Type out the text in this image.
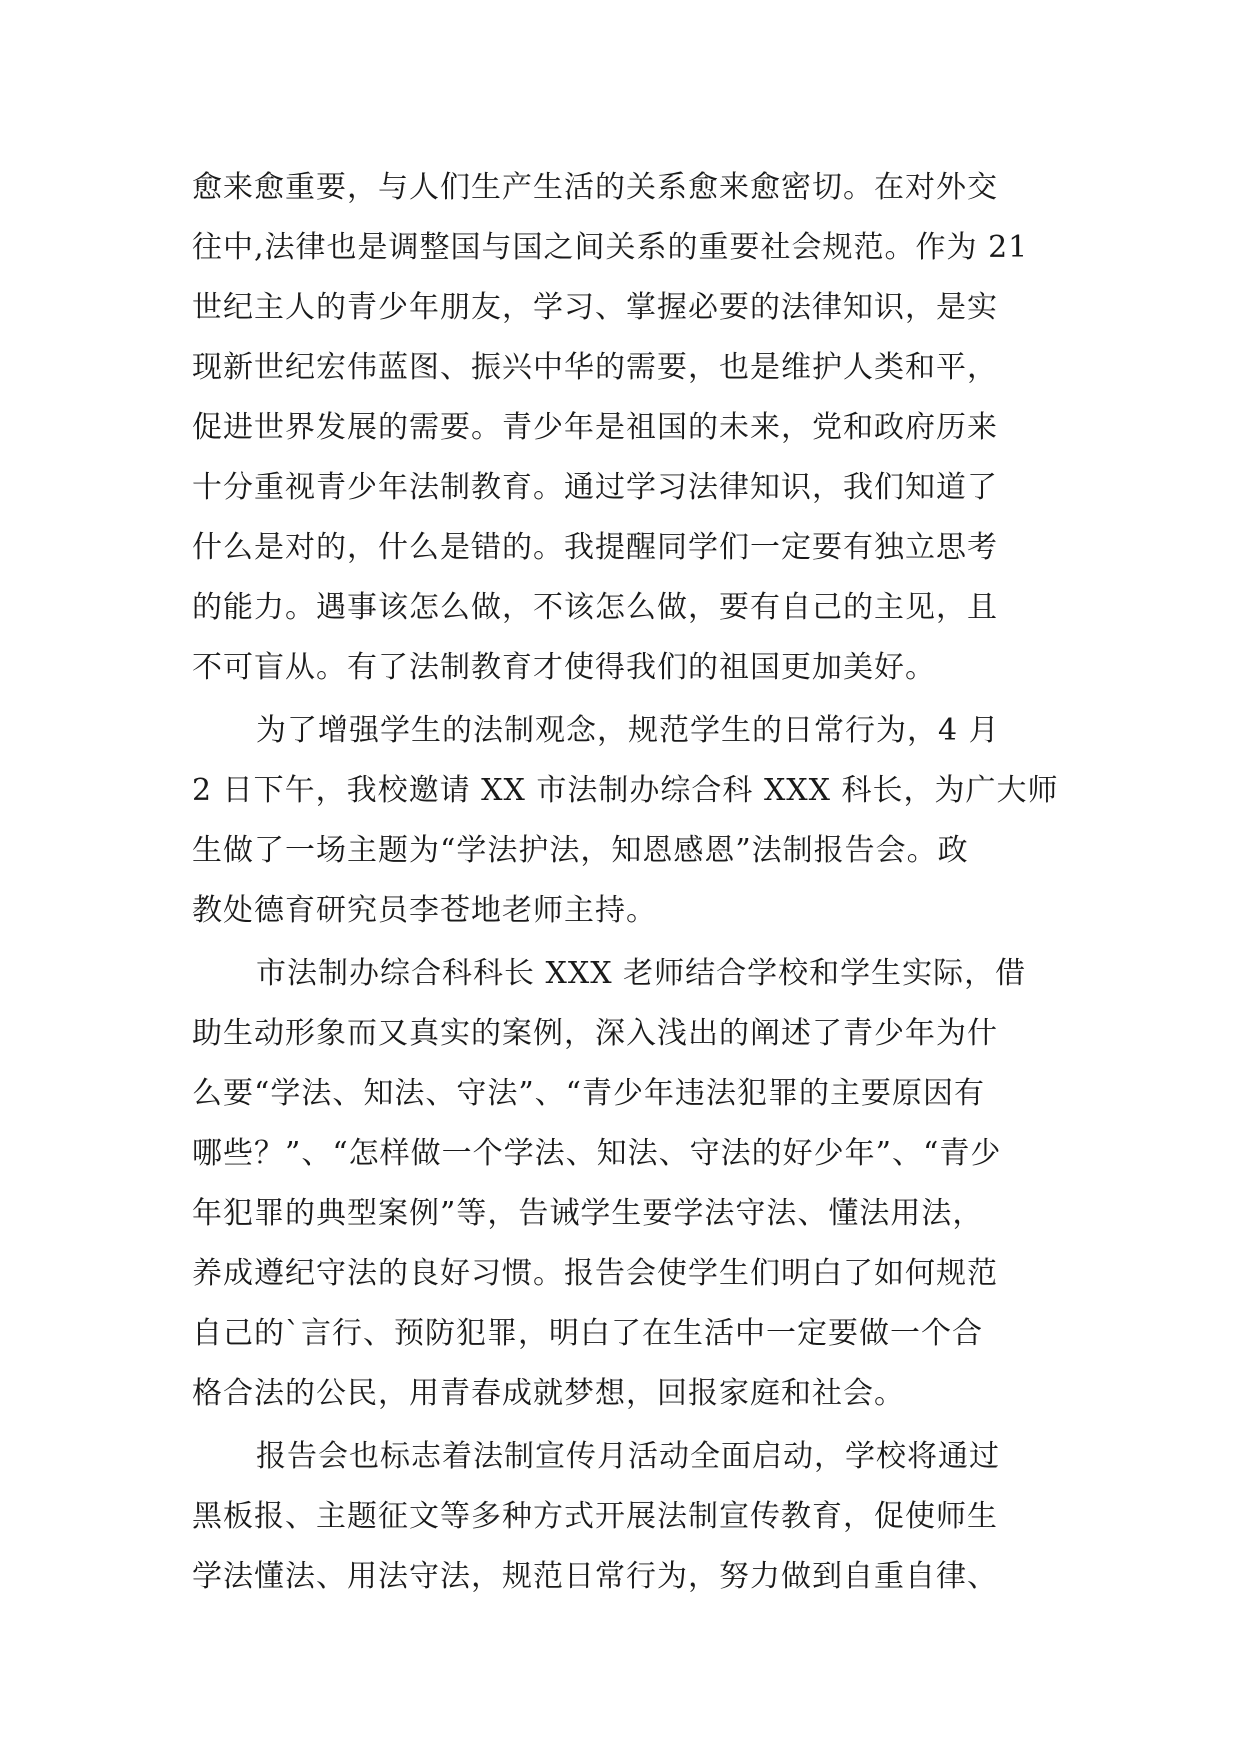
愈来愈重要，与人们生产生活的关系愈来愈密切。在对外交
往中,法律也是调整国与国之间关系的重要社会规范。作为 21
世纪主人的青少年朋友，学习、掌握必要的法律知识，是实
现新世纪宏伟蓝图、振兴中华的需要，也是维护人类和平，
促进世界发展的需要。青少年是祖国的未来，党和政府历来
十分重视青少年法制教育。通过学习法律知识，我们知道了
什么是对的，什么是错的。我提醒同学们一定要有独立思考
的能力。遇事该怎么做，不该怎么做，要有自己的主见，且
不可盲从。有了法制教育才使得我们的祖国更加美好。
为了增强学生的法制观念，规范学生的日常行为，4 月
2 日下午，我校邀请 XX 市法制办综合科 XXX 科长，为广大师
生做了一场主题为“学法护法，知恩感恩”法制报告会。政
教处德育研究员李苍地老师主持。
市法制办综合科科长 XXX 老师结合学校和学生实际，借
助生动形象而又真实的案例，深入浅出的阐述了青少年为什
么要“学法、知法、守法”、“青少年违法犯罪的主要原因有
哪些？”、“怎样做一个学法、知法、守法的好少年”、“青少
年犯罪的典型案例”等，告诫学生要学法守法、懂法用法，
养成遵纪守法的良好习惯。报告会使学生们明白了如何规范
自己的`言行、预防犯罪，明白了在生活中一定要做一个合
格合法的公民，用青春成就梦想，回报家庭和社会。
报告会也标志着法制宣传月活动全面启动，学校将通过
黑板报、主题征文等多种方式开展法制宣传教育，促使师生
学法懂法、用法守法，规范日常行为，努力做到自重自律、
